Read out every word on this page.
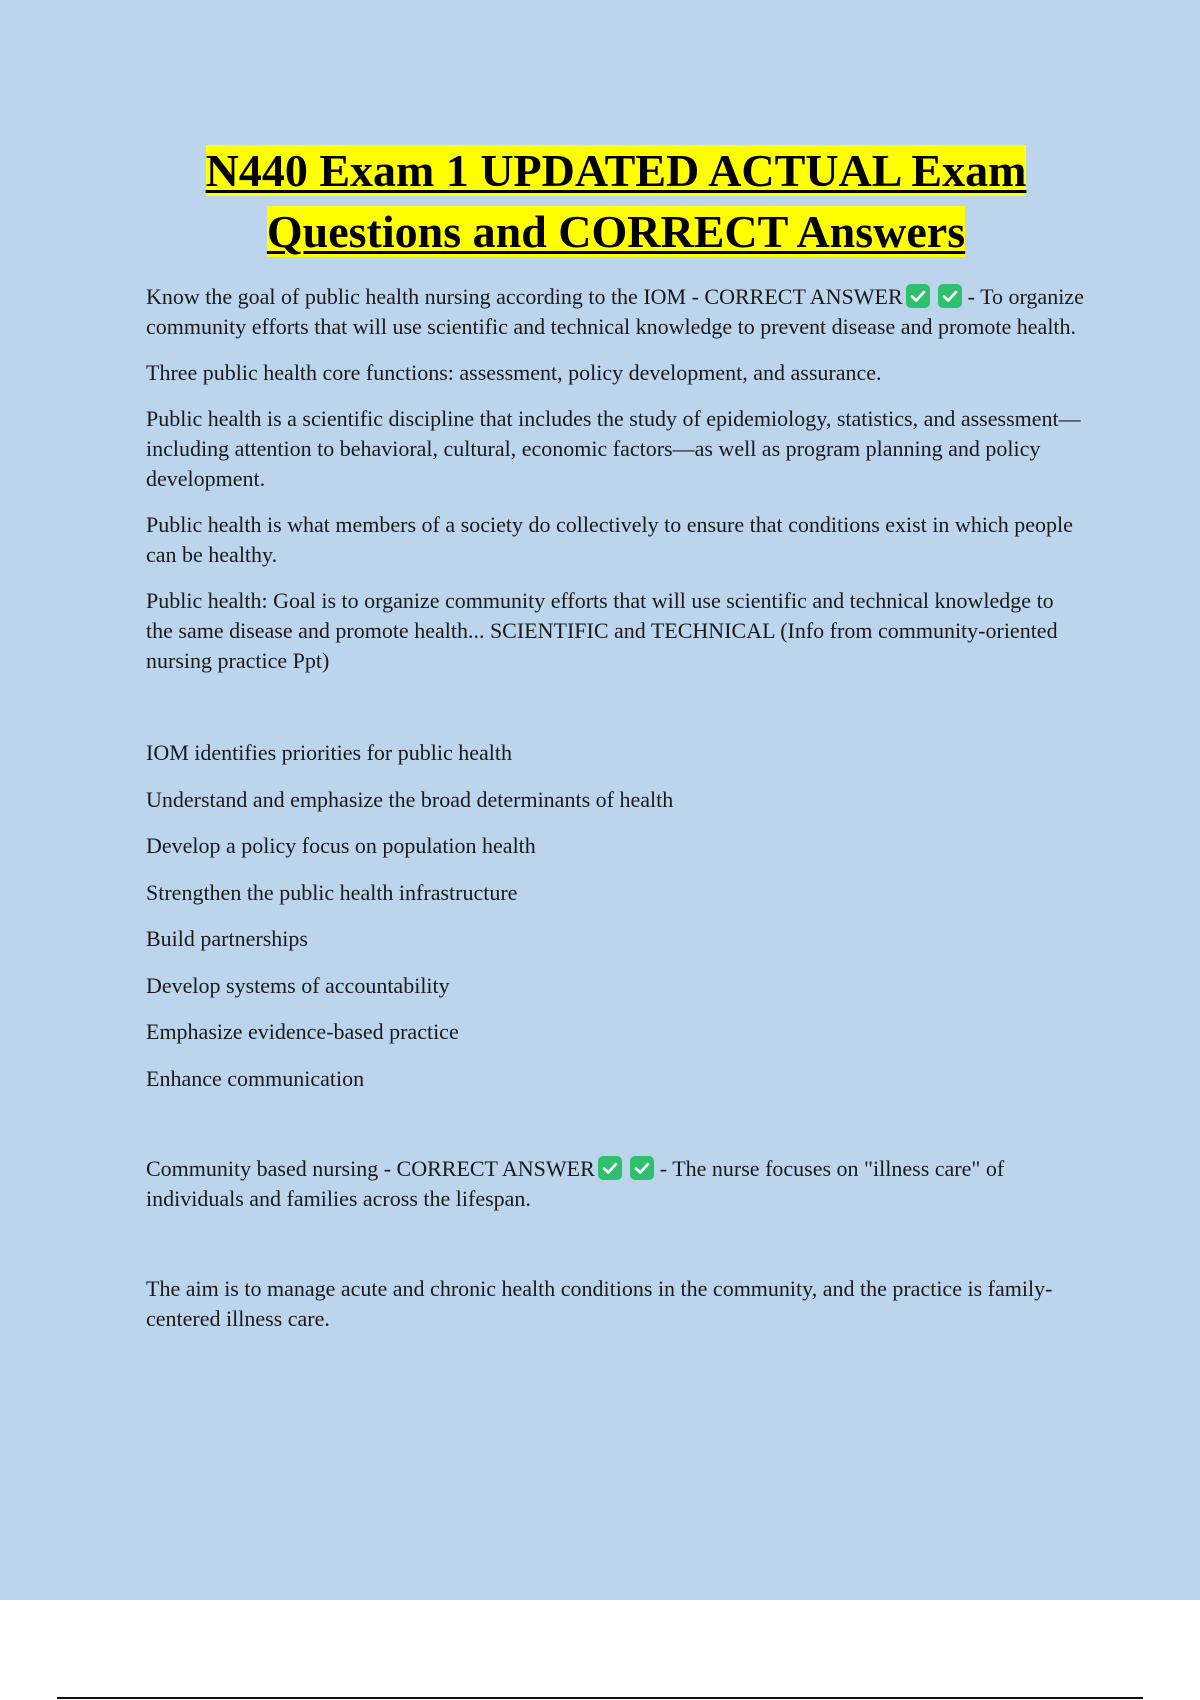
N440 Exam 1 UPDATED ACTUAL Exam
Questions and CORRECT Answers

Know the goal of public health nursing according to the IOM - CORRECT ANSWER
	- To organize community efforts that will use scientific and technical knowledge to prevent disease and promote health.

Three public health core functions: assessment, policy development, and assurance.

Public health is a scientific discipline that includes the study of epidemiology, statistics, and assessment—including attention to behavioral, cultural, economic factors—as well as program planning and policy development.

Public health is what members of a society do collectively to ensure that conditions exist in which people can be healthy.

Public health: Goal is to organize community efforts that will use scientific and technical knowledge to the same disease and promote health... SCIENTIFIC and TECHNICAL (Info from community-oriented nursing practice Ppt)

IOM identifies priorities for public health
Understand and emphasize the broad determinants of health
Develop a policy focus on population health
Strengthen the public health infrastructure
Build partnerships
Develop systems of accountability
Emphasize evidence-based practice
Enhance communication

Community based nursing - CORRECT ANSWER
	- The nurse focuses on "illness care" of individuals and families across the lifespan.

The aim is to manage acute and chronic health conditions in the community, and the practice is family-centered illness care.
